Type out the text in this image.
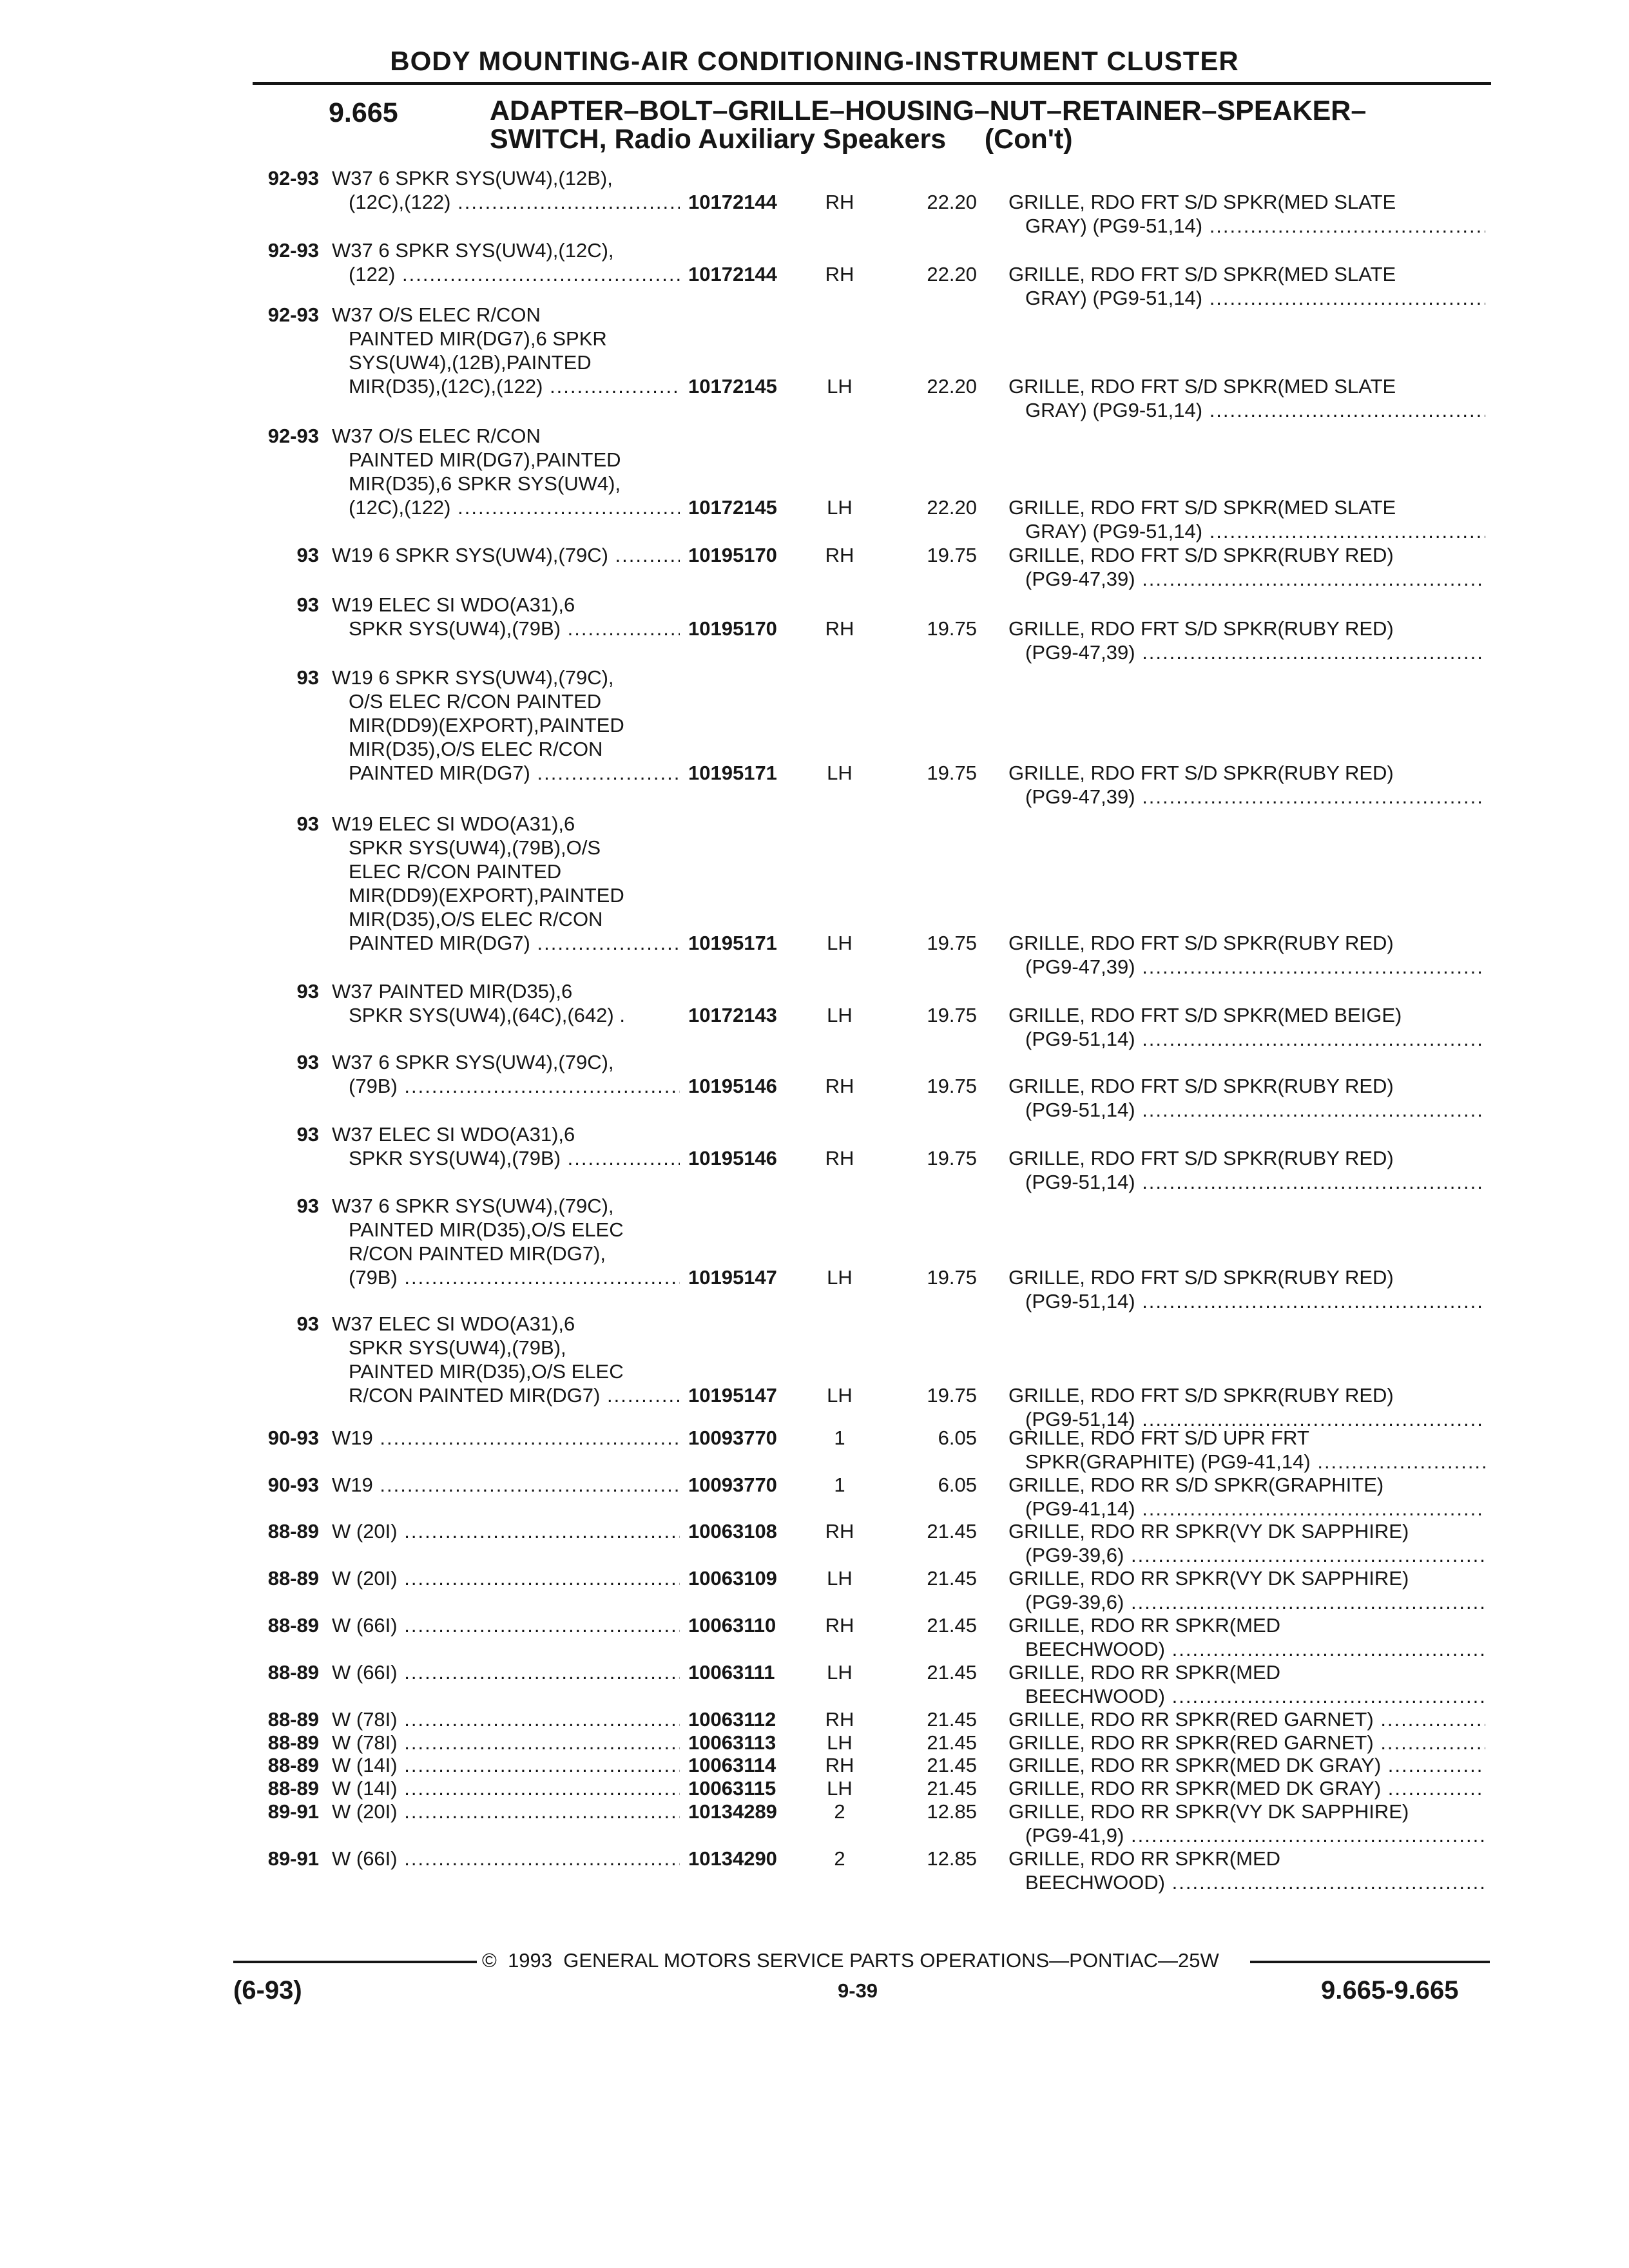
BODY MOUNTING-AIR CONDITIONING-INSTRUMENT CLUSTER
9.665	ADAPTER–BOLT–GRILLE–HOUSING–NUT–RETAINER–SPEAKER–
SWITCH, Radio Auxiliary Speakers     (Con't)
92-93 W37 6 SPKR SYS(UW4),(12B),
(12C),(122) .....	10172144	RH	22.20 GRILLE, RDO FRT S/D SPKR(MED SLATE
GRAY) (PG9-51,14) .....
92-93 W37 6 SPKR SYS(UW4),(12C),
(122) .....	10172144	RH	22.20 GRILLE, RDO FRT S/D SPKR(MED SLATE
GRAY) (PG9-51,14) .....
92-93 W37 O/S ELEC R/CON
PAINTED MIR(DG7),6 SPKR
SYS(UW4),(12B),PAINTED
MIR(D35),(12C),(122) .....	10172145	LH	22.20 GRILLE, RDO FRT S/D SPKR(MED SLATE
GRAY) (PG9-51,14) .....
92-93 W37 O/S ELEC R/CON
PAINTED MIR(DG7),PAINTED
MIR(D35),6 SPKR SYS(UW4),
(12C),(122) .....	10172145	LH	22.20 GRILLE, RDO FRT S/D SPKR(MED SLATE
GRAY) (PG9-51,14) .....
93 W19 6 SPKR SYS(UW4),(79C) .....	10195170	RH	19.75 GRILLE, RDO FRT S/D SPKR(RUBY RED)
(PG9-47,39) .....
93 W19 ELEC SI WDO(A31),6
SPKR SYS(UW4),(79B) .....	10195170	RH	19.75 GRILLE, RDO FRT S/D SPKR(RUBY RED)
(PG9-47,39) .....
93 W19 6 SPKR SYS(UW4),(79C),
O/S ELEC R/CON PAINTED
MIR(DD9)(EXPORT),PAINTED
MIR(D35),O/S ELEC R/CON
PAINTED MIR(DG7) .....	10195171	LH	19.75 GRILLE, RDO FRT S/D SPKR(RUBY RED)
(PG9-47,39) .....
93 W19 ELEC SI WDO(A31),6
SPKR SYS(UW4),(79B),O/S
ELEC R/CON PAINTED
MIR(DD9)(EXPORT),PAINTED
MIR(D35),O/S ELEC R/CON
PAINTED MIR(DG7) .....	10195171	LH	19.75 GRILLE, RDO FRT S/D SPKR(RUBY RED)
(PG9-47,39) .....
93 W37 PAINTED MIR(D35),6
SPKR SYS(UW4),(64C),(642) .	10172143	LH	19.75 GRILLE, RDO FRT S/D SPKR(MED BEIGE)
(PG9-51,14) .....
93 W37 6 SPKR SYS(UW4),(79C),
(79B) .....	10195146	RH	19.75 GRILLE, RDO FRT S/D SPKR(RUBY RED)
(PG9-51,14) .....
93 W37 ELEC SI WDO(A31),6
SPKR SYS(UW4),(79B) .....	10195146	RH	19.75 GRILLE, RDO FRT S/D SPKR(RUBY RED)
(PG9-51,14) .....
93 W37 6 SPKR SYS(UW4),(79C),
PAINTED MIR(D35),O/S ELEC
R/CON PAINTED MIR(DG7),
(79B) .....	10195147	LH	19.75 GRILLE, RDO FRT S/D SPKR(RUBY RED)
(PG9-51,14) .....
93 W37 ELEC SI WDO(A31),6
SPKR SYS(UW4),(79B),
PAINTED MIR(D35),O/S ELEC
R/CON PAINTED MIR(DG7) .....	10195147	LH	19.75 GRILLE, RDO FRT S/D SPKR(RUBY RED)
(PG9-51,14) .....
90-93 W19 .....	10093770	1	6.05 GRILLE, RDO FRT S/D UPR FRT
SPKR(GRAPHITE) (PG9-41,14) .....
90-93 W19 .....	10093770	1	6.05 GRILLE, RDO RR S/D SPKR(GRAPHITE)
(PG9-41,14) .....
88-89 W (20I) .....	10063108	RH	21.45 GRILLE, RDO RR SPKR(VY DK SAPPHIRE)
(PG9-39,6) .....
88-89 W (20I) .....	10063109	LH	21.45 GRILLE, RDO RR SPKR(VY DK SAPPHIRE)
(PG9-39,6) .....
88-89 W (66I) .....	10063110	RH	21.45 GRILLE, RDO RR SPKR(MED
BEECHWOOD) .....
88-89 W (66I) .....	10063111	LH	21.45 GRILLE, RDO RR SPKR(MED
BEECHWOOD) .....
88-89 W (78I) .....	10063112	RH	21.45 GRILLE, RDO RR SPKR(RED GARNET) .....
88-89 W (78I) .....	10063113	LH	21.45 GRILLE, RDO RR SPKR(RED GARNET) .....
88-89 W (14I) .....	10063114	RH	21.45 GRILLE, RDO RR SPKR(MED DK GRAY) .....
88-89 W (14I) .....	10063115	LH	21.45 GRILLE, RDO RR SPKR(MED DK GRAY) .....
89-91 W (20I) .....	10134289	2	12.85 GRILLE, RDO RR SPKR(VY DK SAPPHIRE)
(PG9-41,9) .....
89-91 W (66I) .....	10134290	2	12.85 GRILLE, RDO RR SPKR(MED
BEECHWOOD) .....
©  1993  GENERAL MOTORS SERVICE PARTS OPERATIONS—PONTIAC—25W
(6-93)	9-39	9.665-9.665
